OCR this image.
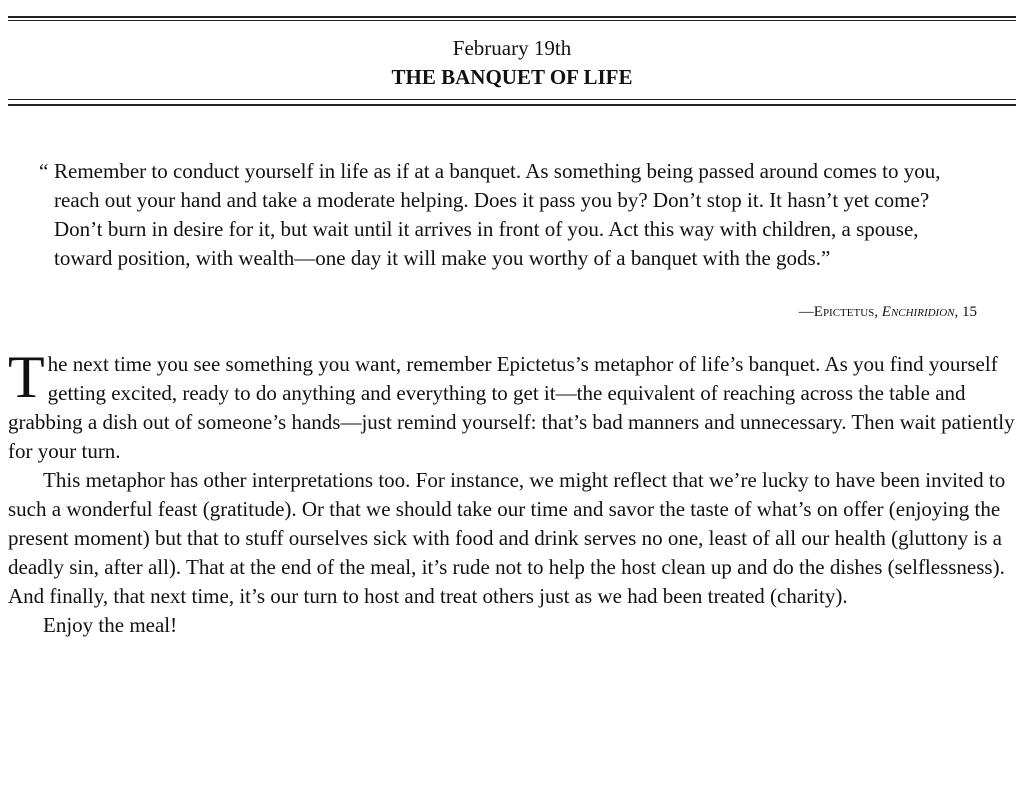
February 19th
THE BANQUET OF LIFE
“ Remember to conduct yourself in life as if at a banquet. As something being passed around comes to you, reach out your hand and take a moderate helping. Does it pass you by? Don’t stop it. It hasn’t yet come? Don’t burn in desire for it, but wait until it arrives in front of you. Act this way with children, a spouse, toward position, with wealth—one day it will make you worthy of a banquet with the gods.”
—Epictetus, Enchiridion, 15

The next time you see something you want, remember Epictetus’s metaphor of life’s banquet. As you find yourself getting excited, ready to do anything and everything to get it—the equivalent of reaching across the table and grabbing a dish out of someone’s hands—just remind yourself: that’s bad manners and unnecessary. Then wait patiently for your turn.

This metaphor has other interpretations too. For instance, we might reflect that we’re lucky to have been invited to such a wonderful feast (gratitude). Or that we should take our time and savor the taste of what’s on offer (enjoying the present moment) but that to stuff ourselves sick with food and drink serves no one, least of all our health (gluttony is a deadly sin, after all). That at the end of the meal, it’s rude not to help the host clean up and do the dishes (selflessness). And finally, that next time, it’s our turn to host and treat others just as we had been treated (charity).

Enjoy the meal!
